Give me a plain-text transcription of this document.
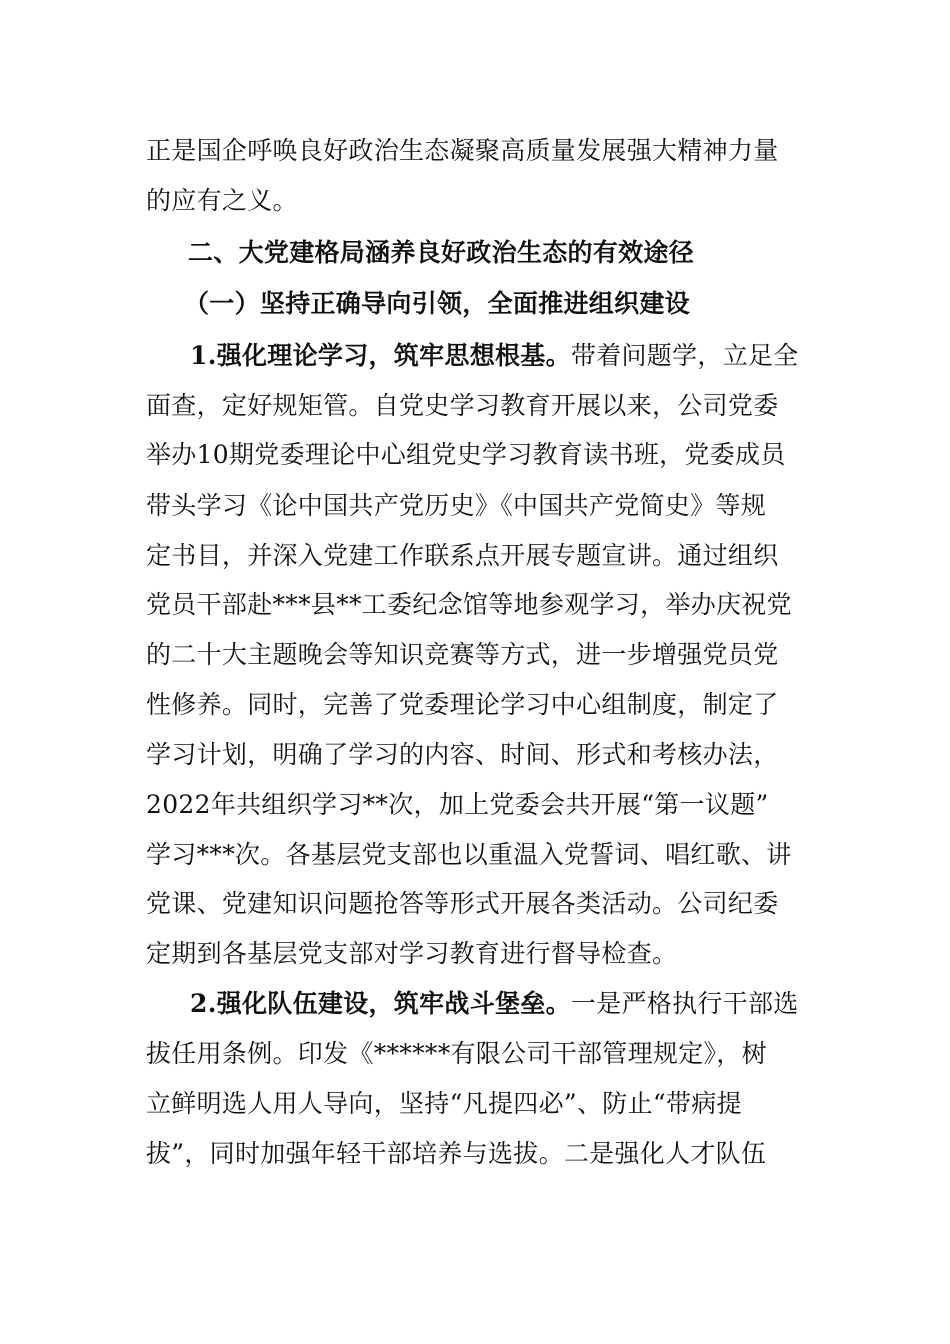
正是国企呼唤良好政治生态凝聚高质量发展强大精神力量
的应有之义。
二、大党建格局涵养良好政治生态的有效途径
（一）坚持正确导向引领，全面推进组织建设
1.强化理论学习，筑牢思想根基。带着问题学，立足全
面查，定好规矩管。自党史学习教育开展以来，公司党委
举办10期党委理论中心组党史学习教育读书班，党委成员
带头学习《论中国共产党历史》《中国共产党简史》等规
定书目，并深入党建工作联系点开展专题宣讲。通过组织
党员干部赴***县**工委纪念馆等地参观学习，举办庆祝党
的二十大主题晚会等知识竞赛等方式，进一步增强党员党
性修养。同时，完善了党委理论学习中心组制度，制定了
学习计划，明确了学习的内容、时间、形式和考核办法，
2022年共组织学习**次，加上党委会共开展“第一议题”
学习***次。各基层党支部也以重温入党誓词、唱红歌、讲
党课、党建知识问题抢答等形式开展各类活动。公司纪委
定期到各基层党支部对学习教育进行督导检查。
2.强化队伍建设，筑牢战斗堡垒。一是严格执行干部选
拔任用条例。印发《******有限公司干部管理规定》，树
立鲜明选人用人导向，坚持“凡提四必”、防止“带病提
拔”，同时加强年轻干部培养与选拔。二是强化人才队伍
